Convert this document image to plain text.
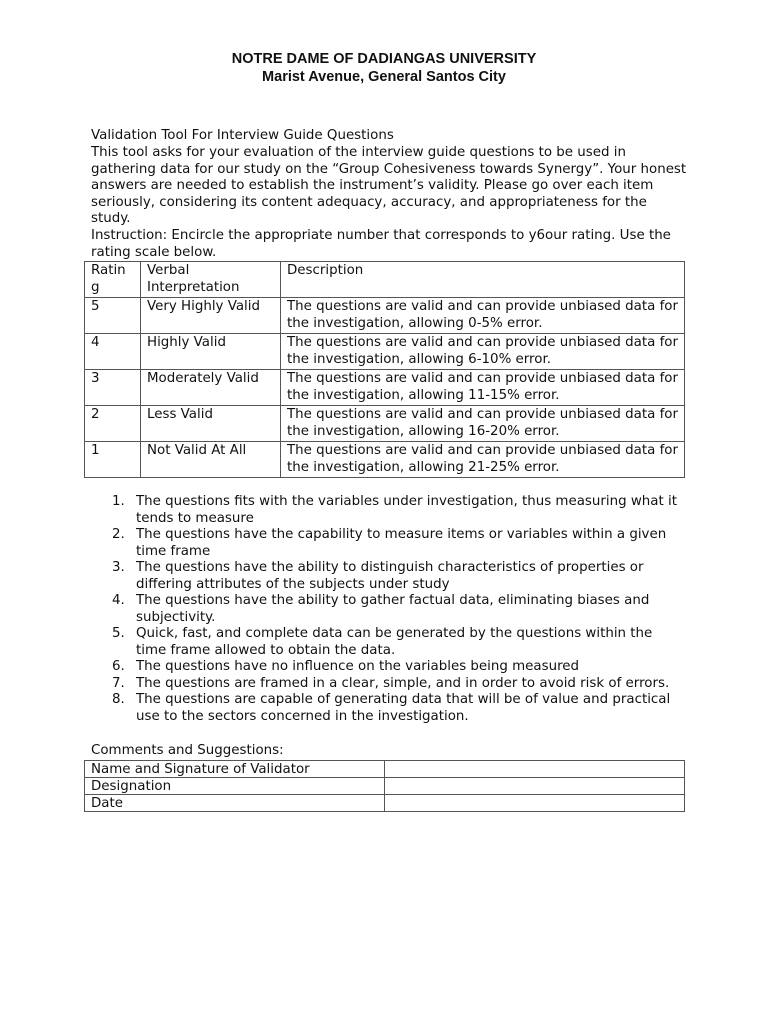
NOTRE DAME OF DADIANGAS UNIVERSITY
Marist Avenue, General Santos City
Validation Tool For Interview Guide Questions
This tool asks for your evaluation of the interview guide questions to be used in gathering data for our study on the “Group Cohesiveness towards Synergy”. Your honest answers are needed to establish the instrument’s validity. Please go over each item seriously, considering its content adequacy, accuracy, and appropriateness for the study.
Instruction: Encircle the appropriate number that corresponds to y6our rating. Use the rating scale below.
Ratin g	Verbal Interpretation	Description
5	Very Highly Valid	The questions are valid and can provide unbiased data for the investigation, allowing 0-5% error.
4	Highly Valid	The questions are valid and can provide unbiased data for the investigation, allowing 6-10% error.
3	Moderately Valid	The questions are valid and can provide unbiased data for the investigation, allowing 11-15% error.
2	Less Valid	The questions are valid and can provide unbiased data for the investigation, allowing 16-20% error.
1	Not Valid At All	The questions are valid and can provide unbiased data for the investigation, allowing 21-25% error.
1. The questions fits with the variables under investigation, thus measuring what it tends to measure
2. The questions have the capability to measure items or variables within a given time frame
3. The questions have the ability to distinguish characteristics of properties or differing attributes of the subjects under study
4. The questions have the ability to gather factual data, eliminating biases and subjectivity.
5. Quick, fast, and complete data can be generated by the questions within the time frame allowed to obtain the data.
6. The questions have no influence on the variables being measured
7. The questions are framed in a clear, simple, and in order to avoid risk of errors.
8. The questions are capable of generating data that will be of value and practical use to the sectors concerned in the investigation.
Comments and Suggestions:
Name and Signature of Validator	
Designation	
Date	
